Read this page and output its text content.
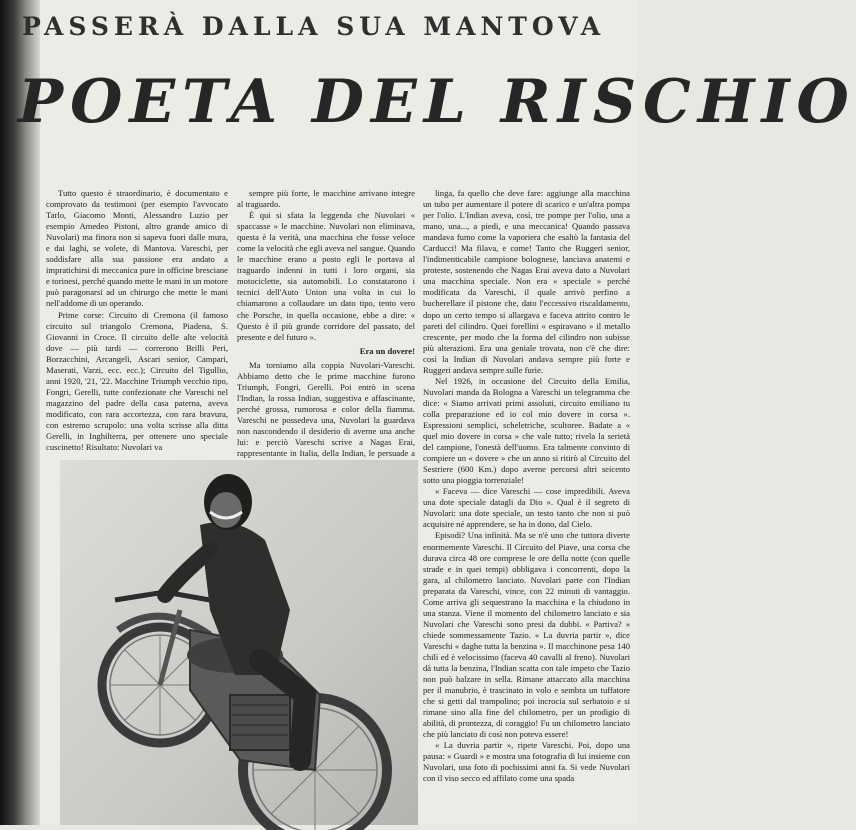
PASSERÀ DALLA SUA MANTOVA
POETA DEL RISCHIO

Tutto questo è straordinario, è documentato e comprovato da testimoni (per esempio l'avvocato Tarlo, Giacomo Monti, Alessandro Luzio per esempio Amedeo Pistoni, altro grande amico di Nuvolari) ma finora non si sapeva fuori dalle mura, e dai laghi, se volete, di Mantova. Vareschi, per soddisfare alla sua passione era andato a impratichirsi di meccanica pure in officine bresciane e torinesi, perché quando mette le mani in un motore può paragonarsi ad un chirurgo che mette le mani nell'addome di un operando.

Prime corse: Circuito di Cremona (il famoso circuito sul triangolo Cremona, Piadena, S. Giovanni in Croce. Il circuito delle alte velocità dove — più tardi — correrono Brilli Peri, Borzacchini, Arcangeli, Ascari senior, Campari, Maserati, Varzi, ecc. ecc.); Circuito del Tigullio, anni 1920, '21, '22. Macchine Triumph vecchio tipo, Fongri, Gerelli, tutte confezionate che Vareschi nel magazzino del padre della casa paterna, aveva modificato, con rara accortezza, con rara bravura, con estremo scrupolo: una volta scrisse alla ditta Gerelli, in Inghilterra, per ottenere uno speciale cuscinetto! Risultato: Nuvolari va

sempre più forte, le macchine arrivano integre al traguardo.

È qui si sfata la leggenda che Nuvolari « spaccasse » le macchine. Nuvolari non eliminava, questa è la verità, una macchina che fosse veloce come la velocità che egli aveva nel sangue. Quando le macchine erano a posto egli le portava al traguardo indenni in tutti i loro organi, sia motociclette, sia automobili. Lo constatarono i tecnici dell'Auto Union una volta in cui lo chiamarono a collaudare un dato tipo, tento vero che Porsche, in quella occasione, ebbe a dire: « Questo è il più grande corridore del passato, del presente e del futuro ».

Era un dovere!

Ma torniamo alla coppia Nuvolari-Vareschi. Abbiamo detto che le prime macchine furono Triumph, Fongri, Gerelli. Poi entrò in scena l'Indian, la rossa Indian, suggestiva e affascinante, perché grossa, rumorosa e color della fiamma. Vareschi ne possedeva una, Nuvolari la guardava non nascondendo il desiderio di averne una anche lui: e perciò Vareschi scrive a Nagas Erai, rappresentante in Italia, della Indian, le persuade a

linga, fa quello che deve fare: aggiunge alla macchina un tubo per aumentare il potere di scarico e un'altra pompa per l'olio. L'Indian aveva, così, tre pompe per l'olio, una a mano, una..., a piedi, e una meccanica! Quando passava mandava fumo come la vaporiera che esaltò la fantasia del Carducci! Ma filava, e come! Tanto che Ruggeri senior, l'indimenticabile campione bolognese, lanciava anatemi e proteste, sostenendo che Nagas Erai aveva dato a Nuvolari una macchina speciale. Non era « speciale » perché modificata da Vareschi, il quale arrivò perfino a bucherellare il pistone che, dato l'eccessivo riscaldamento, dopo un certo tempo si allargava e faceva attrito contro le pareti del cilindro. Quei forellini « espiravano » il metallo crescente, per modo che la forma del cilindro non subisse più alterazioni. Era una geniale trovata, non c'è che dire: così la Indian di Nuvolari andava sempre più forte e Ruggeri andava sempre sulle furie.

Nel 1926, in occasione del Circuito della Emilia, Nuvolari manda da Bologna a Vareschi un telegramma che dice: « Siamo arrivati primi assoluti, circuito emiliano tu colla preparazione ed io col mio dovere in corsa ». Espressioni semplici, scheletriche, scultoree. Badate a « quel mio dovere in corsa » che vale tutto; rivela la serietà del campione, l'onestà dell'uomo. Era talmente convinto di compiere un « dovere » che un anno si ritirò al Circuito del Sestriere (600 Km.) dopo averne percorsi altri seicento sotto una pioggia torrenziale!

« Faceva — dice Vareschi — cose impredibili. Aveva una dote speciale datagli da Dio ». Qual è il segreto di Nuvolari: una dote speciale, un testo tanto che non si può acquisire né apprendere, se ha in dono, dal Cielo.

Episodi? Una infinità. Ma se n'è uno che tuttora diverte enormemente Vareschi. Il Circuito del Piave, una corsa che durava circa 48 ore comprese le ore della notte (con quelle strade e in quei tempi) obbligava i concorrenti, dopo la gara, al chilometro lanciato. Nuvolari parte con l'Indian preparata da Vareschi, vince, con 22 minuti di vantaggio. Come arriva gli sequestrano la macchina e la chiudono in una stanza. Viene il momento del chilometro lanciato e sia Nuvolari che Vareschi sono presi da dubbi. « Partiva? » chiede sommessamente Tazio. « La duvria partir », dice Vareschi « daghe tutta la benzina ». Il macchinone pesa 140 chili ed è velocissimo (faceva 40 cavalli al freno). Nuvolari dà tutta la benzina, l'Indian scatta con tale impeto che Tazio non può balzare in sella. Rimane attaccato alla macchina per il manubrio, è trascinato in volo e sembra un tuffatore che si getti dal trampolino; poi incrocia sul serbatoio e si rimane sino alla fine del chilometro, per un prodigio di abilità, di prontezza, di coraggio! Fu un chilometro lanciato che più lanciato di così non poteva essere!

« La duvria partir », ripete Vareschi. Poi, dopo una pausa: « Guardi » e mostra una fotografia di lui insieme con Nuvolari, una foto di pochissimi anni fa. Si vede Nuvolari con il viso secco ed affilato come una spada
